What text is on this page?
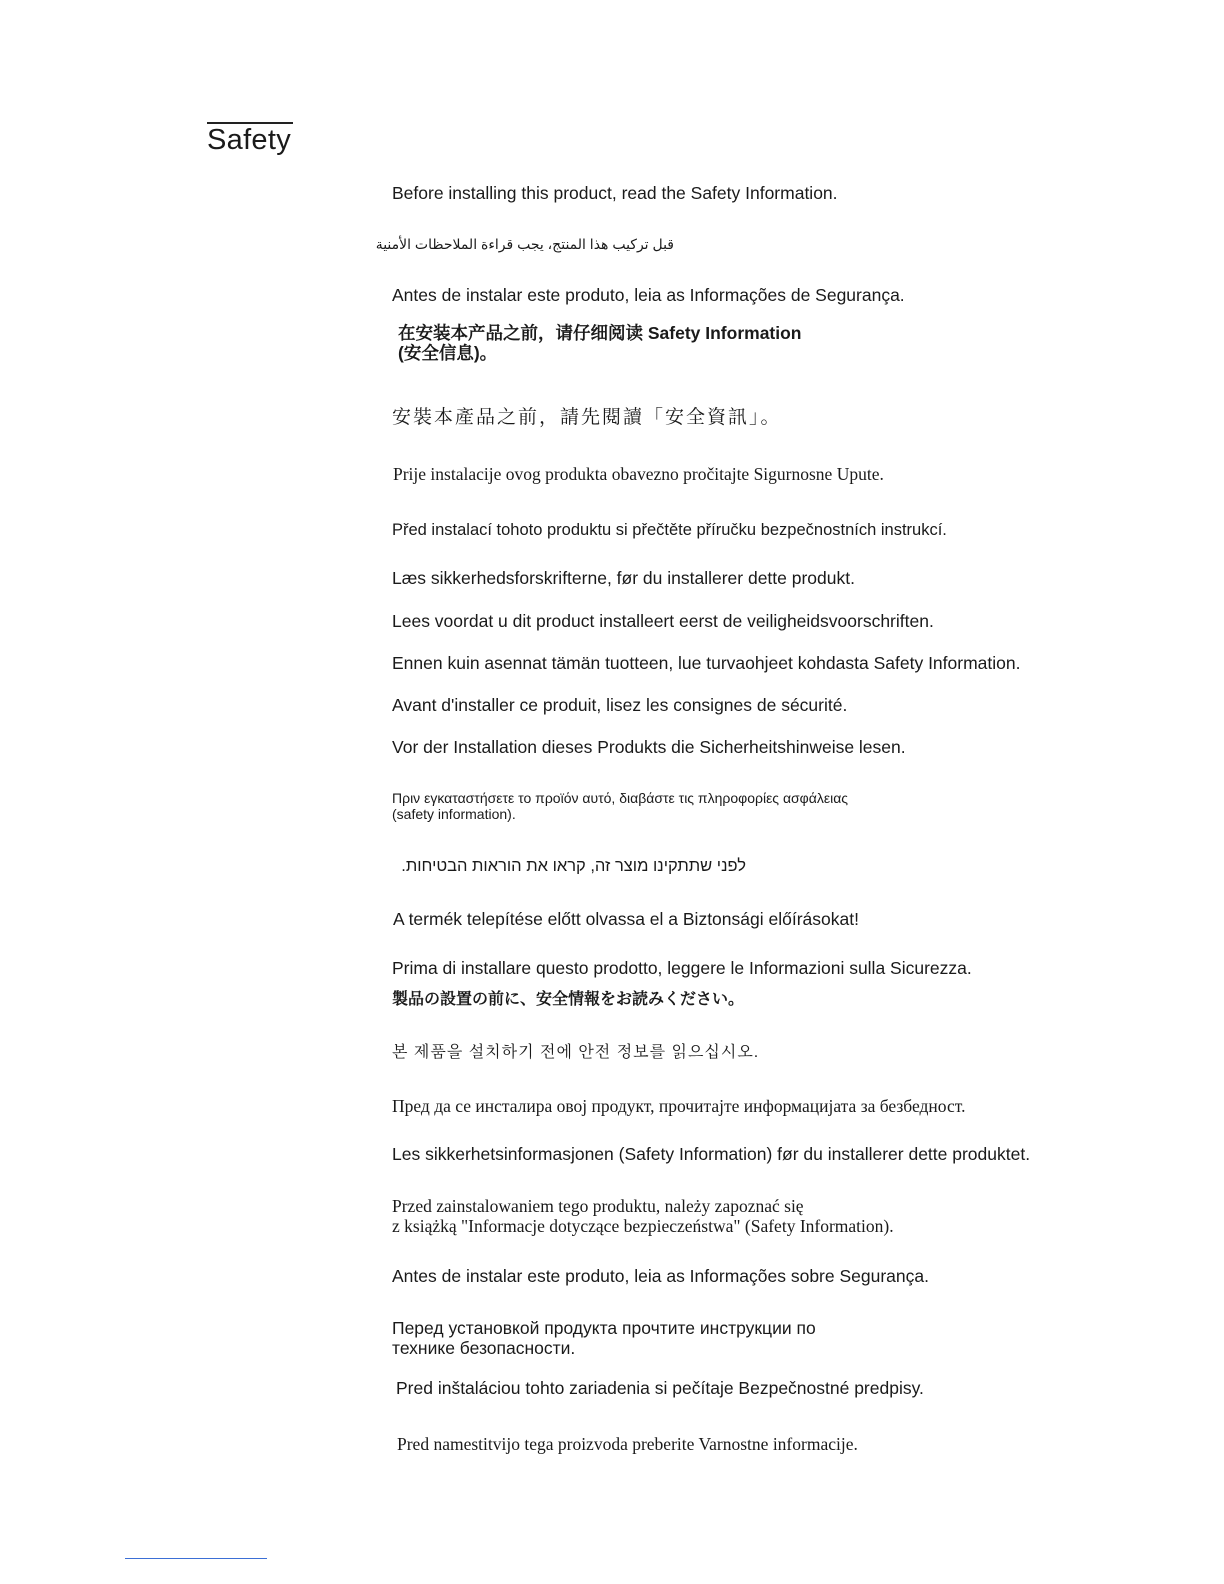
Safety

Before installing this product, read the Safety Information.

قبل تركيب هذا المنتج، يجب قراءة الملاحظات الأمنية

Antes de instalar este produto, leia as Informações de Segurança.

在安装本产品之前，请仔细阅读 Safety Information
(安全信息)。

安裝本產品之前，請先閱讀「安全資訊」。

Prije instalacije ovog produkta obavezno pročitajte Sigurnosne Upute.

Před instalací tohoto produktu si přečtěte příručku bezpečnostních instrukcí.

Læs sikkerhedsforskrifterne, før du installerer dette produkt.

Lees voordat u dit product installeert eerst de veiligheidsvoorschriften.

Ennen kuin asennat tämän tuotteen, lue turvaohjeet kohdasta Safety Information.

Avant d'installer ce produit, lisez les consignes de sécurité.

Vor der Installation dieses Produkts die Sicherheitshinweise lesen.

Πριν εγκαταστήσετε το προϊόν αυτό, διαβάστε τις πληροφορίες ασφάλειας
(safety information).

לפני שתתקינו מוצר זה, קראו את הוראות הבטיחות.

A termék telepítése előtt olvassa el a Biztonsági előírásokat!

Prima di installare questo prodotto, leggere le Informazioni sulla Sicurezza.

製品の設置の前に、安全情報をお読みください。

본 제품을 설치하기 전에 안전 정보를 읽으십시오.

Пред да се инсталира овој продукт, прочитајте информацијата за безбедност.

Les sikkerhetsinformasjonen (Safety Information) før du installerer dette produktet.

Przed zainstalowaniem tego produktu, należy zapoznać się
z książką "Informacje dotyczące bezpieczeństwa" (Safety Information).

Antes de instalar este produto, leia as Informações sobre Segurança.

Перед установкой продукта прочтите инструкции по
технике безопасности.

Pred inštaláciou tohto zariadenia si pečítaje Bezpečnostné predpisy.

Pred namestitvijo tega proizvoda preberite Varnostne informacije.
